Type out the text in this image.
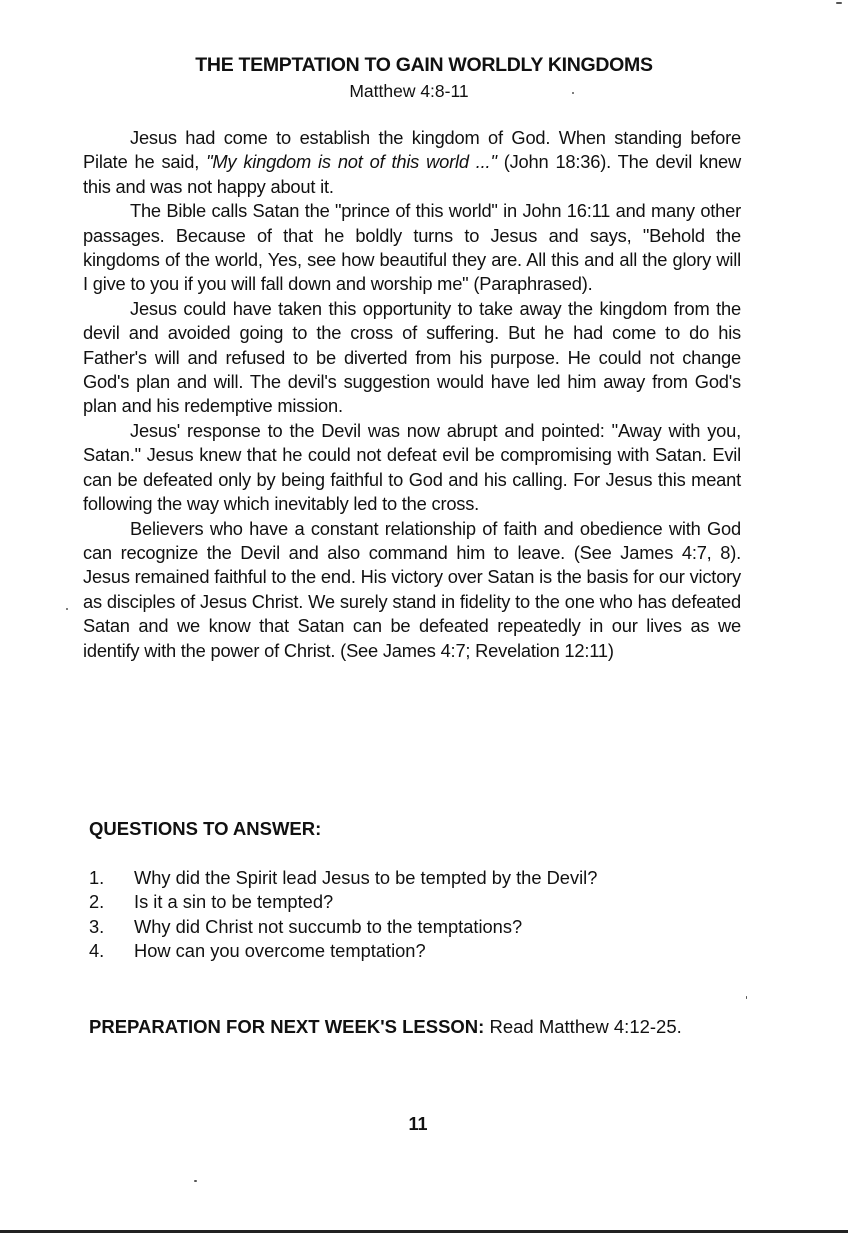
THE TEMPTATION TO GAIN WORLDLY KINGDOMS
Matthew 4:8-11

Jesus had come to establish the kingdom of God. When standing before Pilate he said, "My kingdom is not of this world ..." (John 18:36). The devil knew this and was not happy about it.

The Bible calls Satan the "prince of this world" in John 16:11 and many other passages. Because of that he boldly turns to Jesus and says, "Behold the kingdoms of the world, Yes, see how beautiful they are. All this and all the glory will I give to you if you will fall down and worship me" (Paraphrased).

Jesus could have taken this opportunity to take away the kingdom from the devil and avoided going to the cross of suffering. But he had come to do his Father's will and refused to be diverted from his purpose. He could not change God's plan and will. The devil's suggestion would have led him away from God's plan and his redemptive mission.

Jesus' response to the Devil was now abrupt and pointed: "Away with you, Satan." Jesus knew that he could not defeat evil be compromising with Satan. Evil can be defeated only by being faithful to God and his calling. For Jesus this meant following the way which inevitably led to the cross.

Believers who have a constant relationship of faith and obedience with God can recognize the Devil and also command him to leave. (See James 4:7, 8). Jesus remained faithful to the end. His victory over Satan is the basis for our victory as disciples of Jesus Christ. We surely stand in fidelity to the one who has defeated Satan and we know that Satan can be defeated repeatedly in our lives as we identify with the power of Christ. (See James 4:7; Revelation 12:11)

QUESTIONS TO ANSWER:
1.	Why did the Spirit lead Jesus to be tempted by the Devil?
2.	Is it a sin to be tempted?
3.	Why did Christ not succumb to the temptations?
4.	How can you overcome temptation?

PREPARATION FOR NEXT WEEK'S LESSON: Read Matthew 4:12-25.

11
